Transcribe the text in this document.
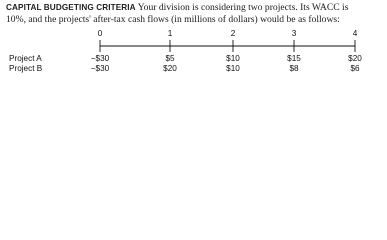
CAPITAL BUDGETING CRITERIA Your division is considering two projects. Its WACC is
10%, and the projects' after-tax cash flows (in millions of dollars) would be as follows:
0	1	2	3	4
Project A	−$30	$5	$10	$15	$20
Project B	−$30	$20	$10	$8	$6
